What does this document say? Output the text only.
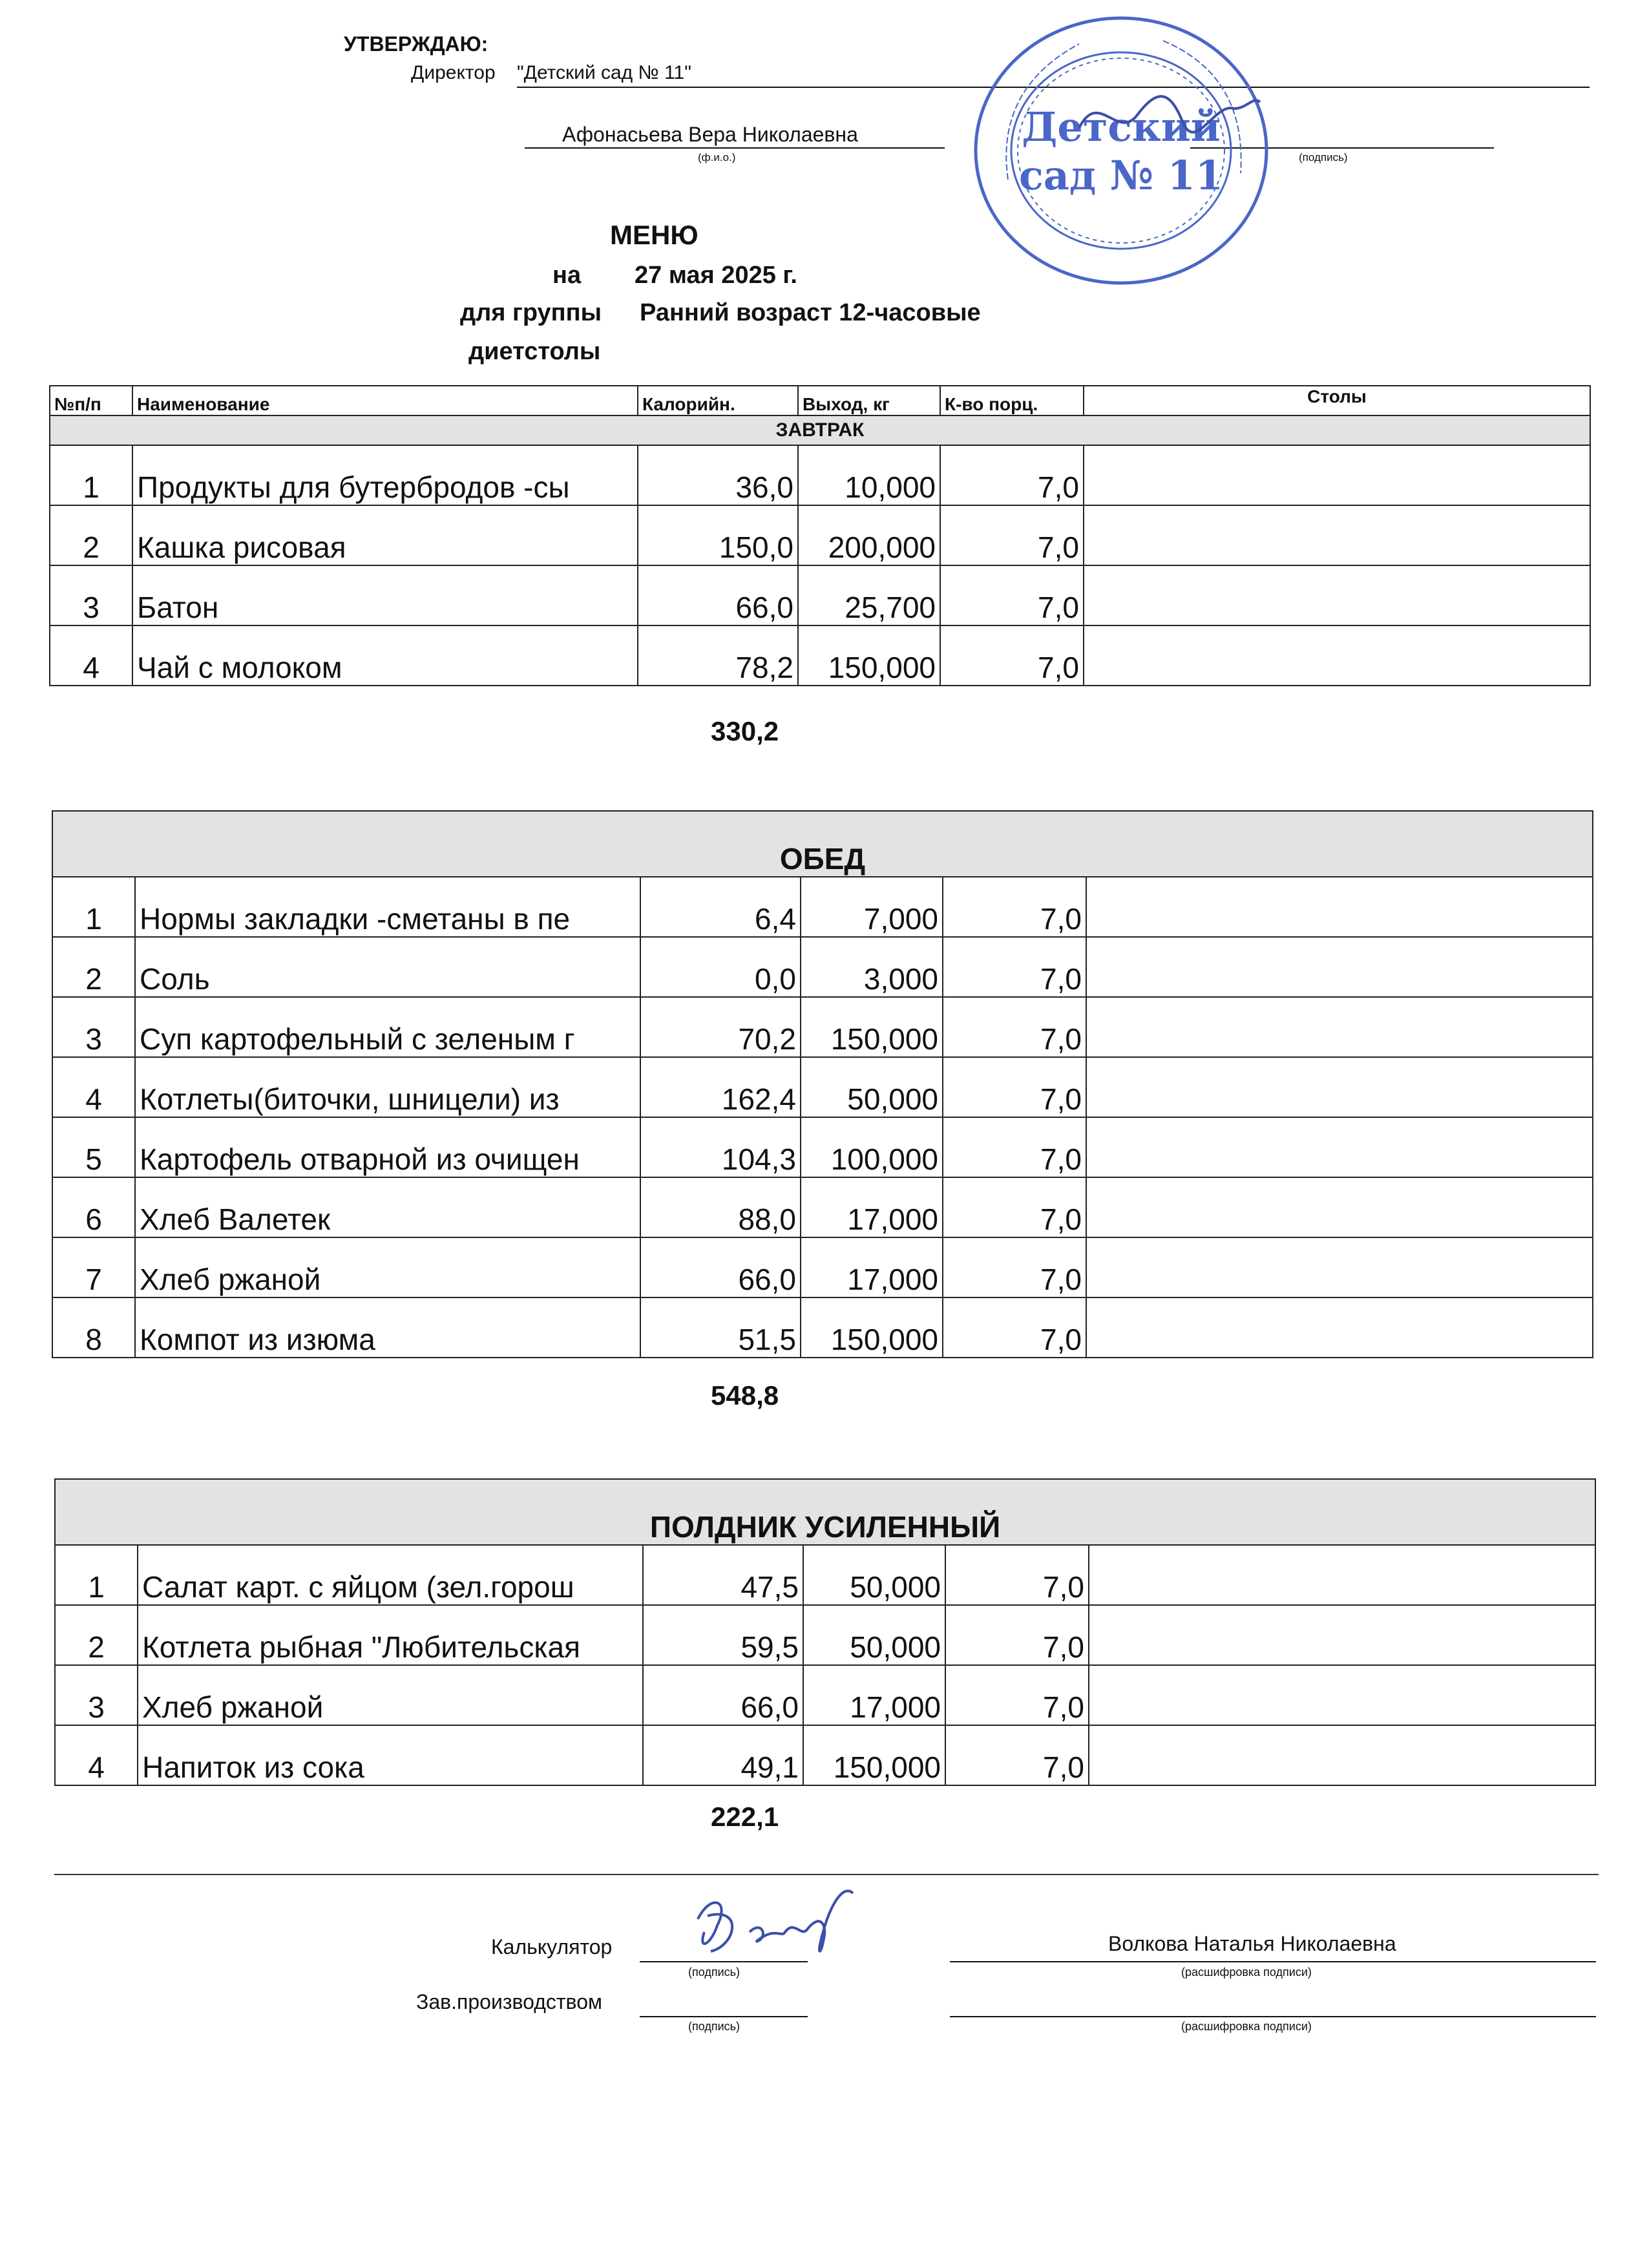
УТВЕРЖДАЮ:
Директор "Детский сад № 11"
Афонасьева Вера Николаевна
(ф.и.о.)	(подпись)
Детский
сад № 11
МЕНЮ
на 27 мая 2025 г.
для группы Ранний возраст 12-часовые
диетстолы
№п/п	Наименование	Калорийн.	Выход, кг	К-во порц.	Столы
ЗАВТРАК					
1	Продукты для бутербродов -сы	36,0	10,000	7,0	
2	Кашка рисовая	150,0	200,000	7,0	
3	Батон	66,0	25,700	7,0	
4	Чай с молоком	78,2	150,000	7,0	
330,2
ОБЕД					
1	Нормы закладки -сметаны в пе	6,4	7,000	7,0	
2	Соль	0,0	3,000	7,0	
3	Суп картофельный с зеленым г	70,2	150,000	7,0	
4	Котлеты(биточки, шницели) из	162,4	50,000	7,0	
5	Картофель отварной из очищен	104,3	100,000	7,0	
6	Хлеб Валетек	88,0	17,000	7,0	
7	Хлеб ржаной	66,0	17,000	7,0	
8	Компот из изюма	51,5	150,000	7,0	
548,8
ПОЛДНИК УСИЛЕННЫЙ					
1	Салат карт. с яйцом (зел.горош	47,5	50,000	7,0	
2	Котлета рыбная "Любительская	59,5	50,000	7,0	
3	Хлеб ржаной	66,0	17,000	7,0	
4	Напиток из сока	49,1	150,000	7,0	
222,1
Калькулятор
(подпись)
Волкова Наталья Николаевна
(расшифровка подписи)
Зав.производством
(подпись)	(расшифровка подписи)
